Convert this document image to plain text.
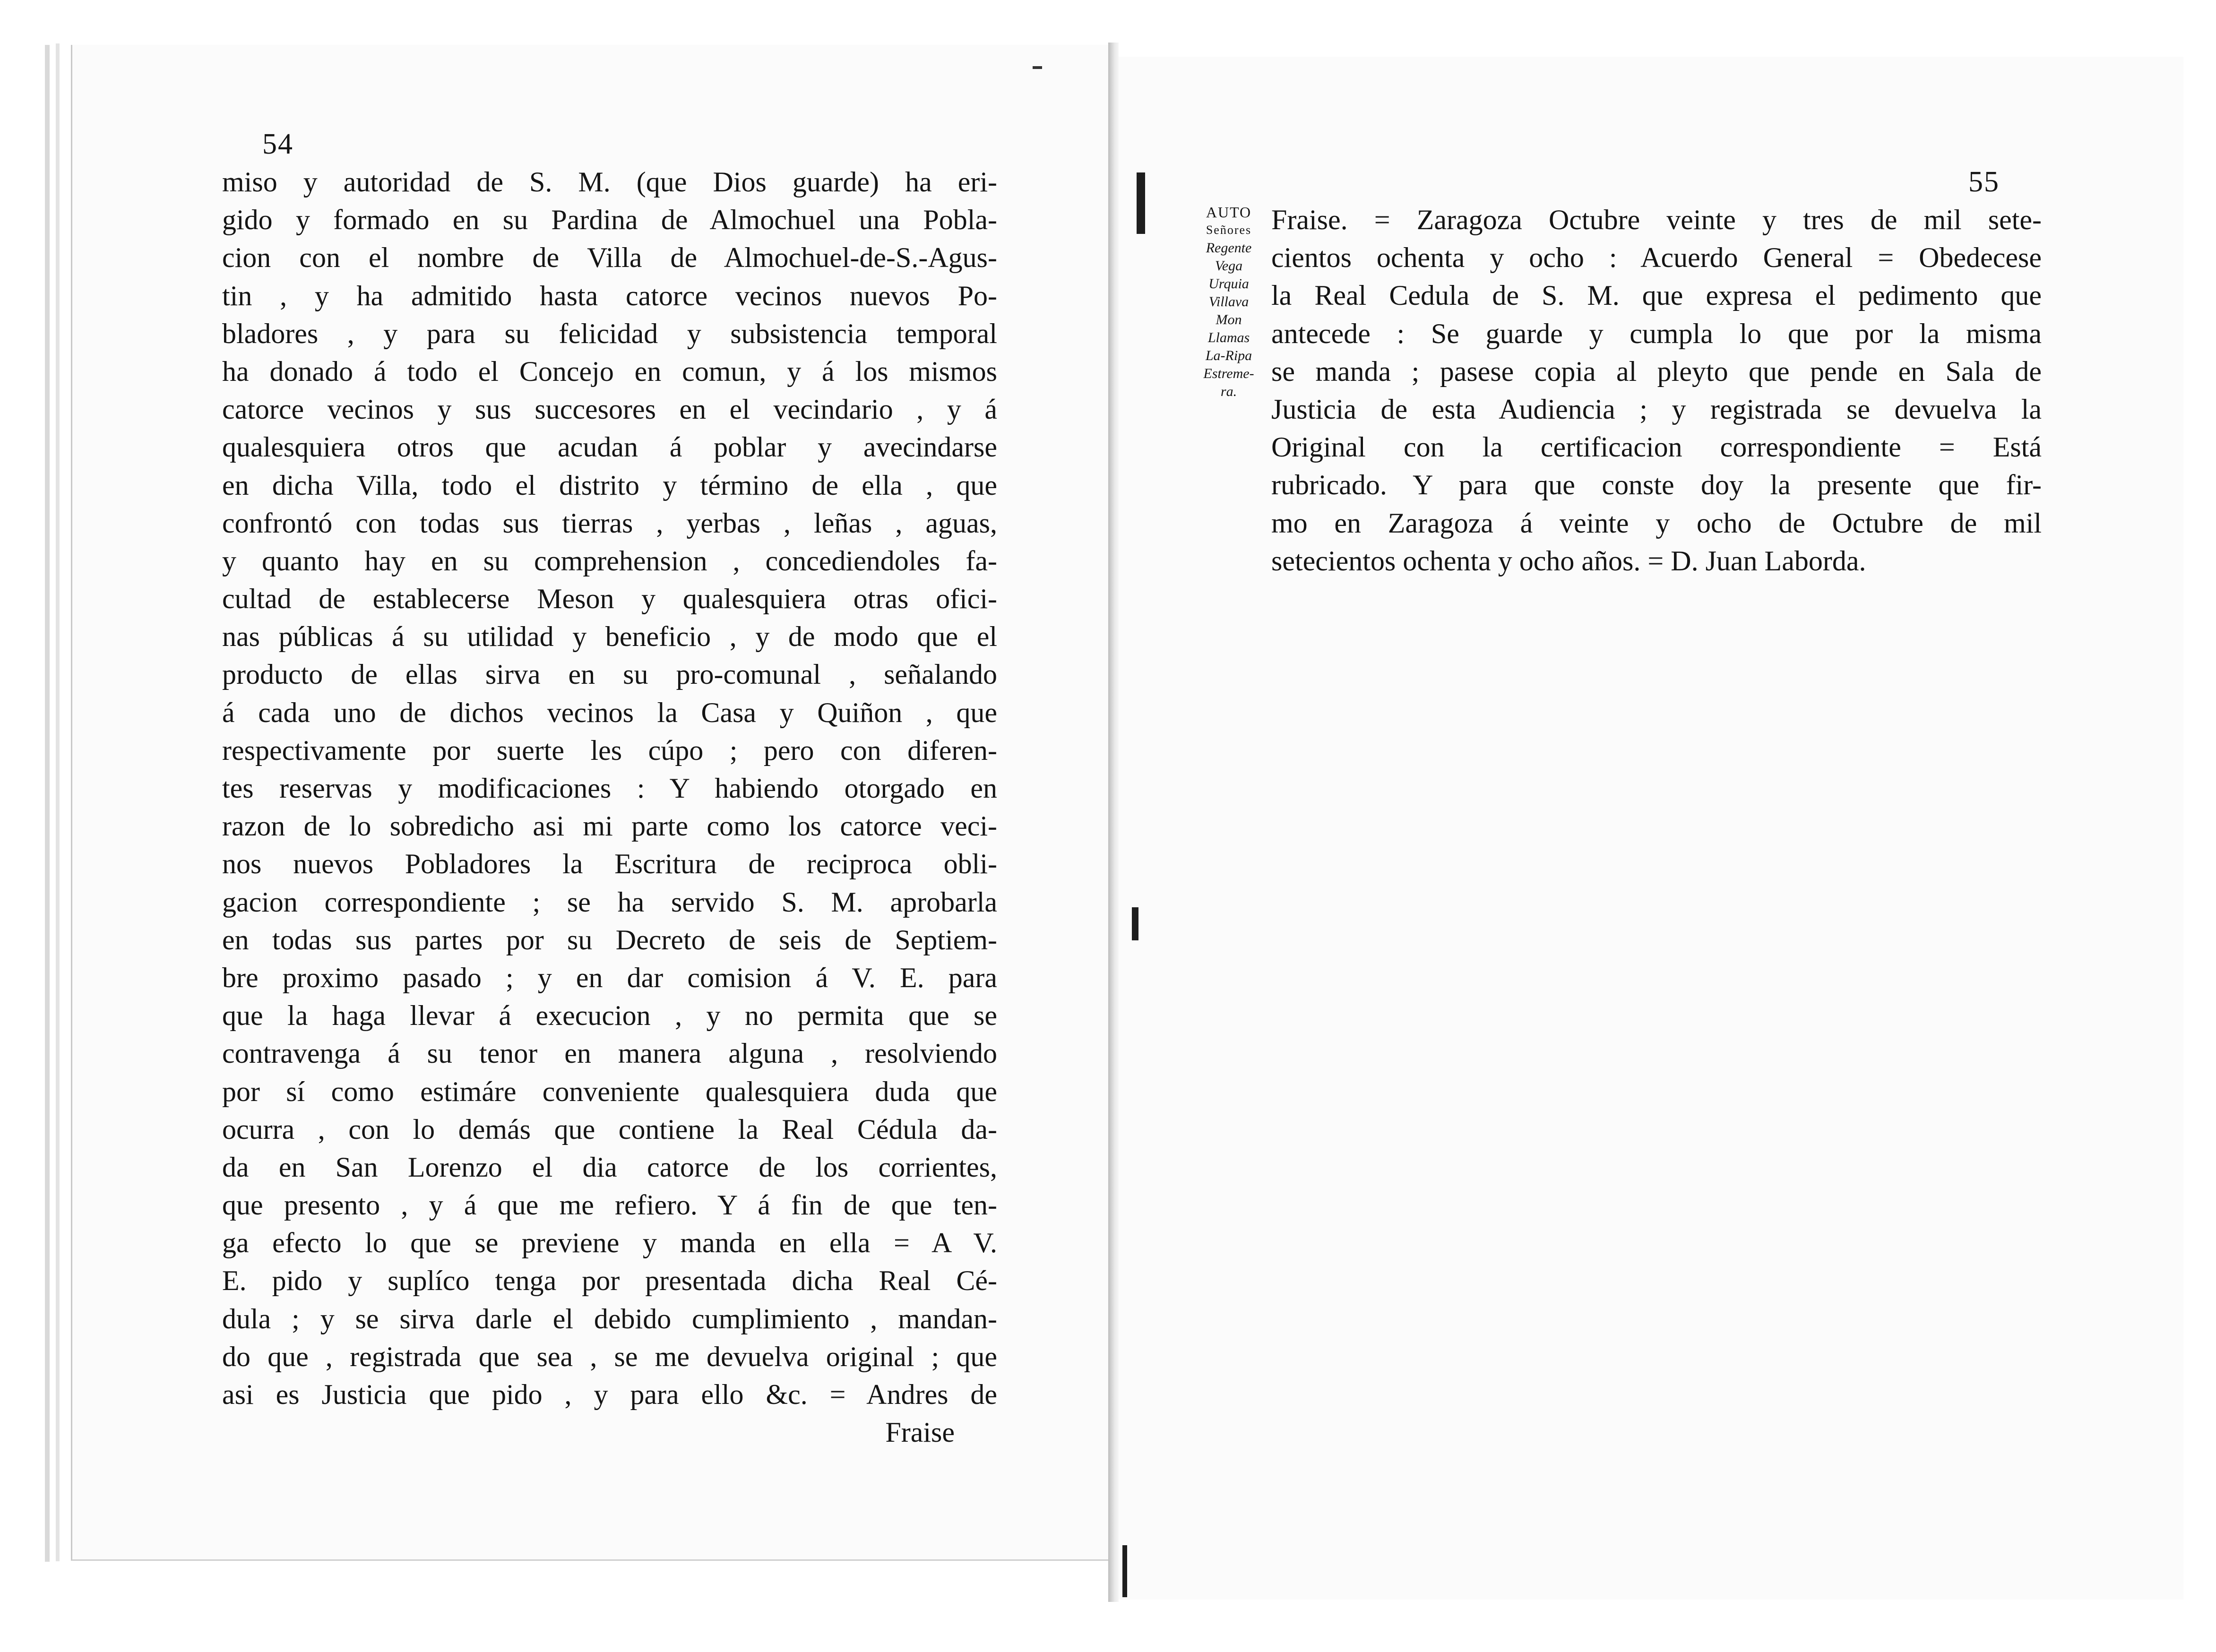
54
miso y autoridad de S. M. (que Dios guarde) ha eri-
gido y formado en su Pardina de Almochuel una Pobla-
cion con el nombre de Villa de Almochuel-de-S.-Agus-
tin , y ha admitido hasta catorce vecinos nuevos Po-
bladores , y para su felicidad y subsistencia temporal
ha donado á todo el Concejo en comun, y á los mismos
catorce vecinos y sus succesores en el vecindario , y á
qualesquiera otros que acudan á poblar y avecindarse
en dicha Villa, todo el distrito y término de ella , que
confrontó con todas sus tierras , yerbas , leñas , aguas,
y quanto hay en su comprehension , concediendoles fa-
cultad de establecerse Meson y qualesquiera otras ofici-
nas públicas á su utilidad y beneficio , y de modo que el
producto de ellas sirva en su pro-comunal , señalando
á cada uno de dichos vecinos la Casa y Quiñon , que
respectivamente por suerte les cúpo ; pero con diferen-
tes reservas y modificaciones : Y habiendo otorgado en
razon de lo sobredicho asi mi parte como los catorce veci-
nos nuevos Pobladores la Escritura de reciproca obli-
gacion correspondiente ; se ha servido S. M. aprobarla
en todas sus partes por su Decreto de seis de Septiem-
bre proximo pasado ; y en dar comision á V. E. para
que la haga llevar á execucion , y no permita que se
contravenga á su tenor en manera alguna , resolviendo
por sí como estimáre conveniente qualesquiera duda que
ocurra , con lo demás que contiene la Real Cédula da-
da en San Lorenzo el dia catorce de los corrientes,
que presento , y á que me refiero. Y á fin de que ten-
ga efecto lo que se previene y manda en ella = A V.
E. pido y suplíco tenga por presentada dicha Real Cé-
dula ; y se sirva darle el debido cumplimiento , mandan-
do que , registrada que sea , se me devuelva original ; que
asi es Justicia que pido , y para ello &c. = Andres de
Fraise
55
AUTO
Señores
Regente
Vega
Urquia
Villava
Mon
Llamas
La-Ripa
Estreme-
ra.
Fraise. = Zaragoza Octubre veinte y tres de mil sete-
cientos ochenta y ocho : Acuerdo General = Obedecese
la Real Cedula de S. M. que expresa el pedimento que
antecede : Se guarde y cumpla lo que por la misma
se manda ; pasese copia al pleyto que pende en Sala de
Justicia de esta Audiencia ; y registrada se devuelva la
Original con la certificacion correspondiente = Está
rubricado. Y para que conste doy la presente que fir-
mo en Zaragoza á veinte y ocho de Octubre de mil
setecientos ochenta y ocho años. = D. Juan Laborda.
